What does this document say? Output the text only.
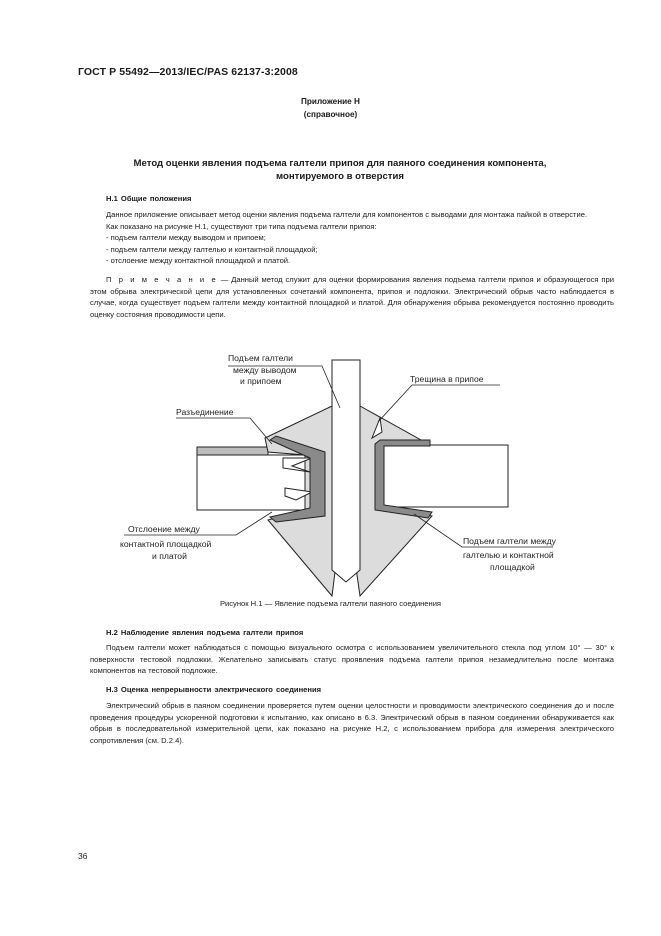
ГОСТ Р 55492—2013/IEC/PAS 62137-3:2008
Приложение Н
(справочное)
Метод оценки явления подъема галтели припоя для паяного соединения компонента,
монтируемого в отверстия
Н.1 Общие положения

Данное приложение описывает метод оценки явления подъема галтели для компонентов с выводами для монтажа пайкой в отверстие.

Как показано на рисунке Н.1, существуют три типа подъема галтели припоя:

- подъем галтели между выводом и припоем;

- подъем галтели между галтелью и контактной площадкой;

- отслоение между контактной площадкой и платой.

П р и м е ч а н и е — Данный метод служит для оценки формирования явления подъема галтели припоя и образующегося при этом обрыва электрической цепи для установленных сочетаний компонента, припоя и подложки. Электрический обрыв часто наблюдается в случае, когда существует подъем галтели между контактной площадкой и платой. Для обнаружения обрыва рекомендуется постоянно проводить оценку состояния проводимости цепи.

Подъем галтели
между выводом
и припоем	Трещина в припое
Разъединение
Отслоение между
контактной площадкой
и платой
Подъем галтели между
галтелью и контактной
площадкой
Рисунок Н.1 — Явление подъема галтели паяного соединения
Н.2 Наблюдение явления подъема галтели припоя

Подъем галтели может наблюдаться с помощью визуального осмотра с использованием увеличительного стекла под углом 10° — 30° к поверхности тестовой подложки. Желательно записывать статус проявления подъема галтели припоя незамедлительно после монтажа компонентов на тестовой подложке.

Н.3 Оценка непрерывности электрического соединения

Электрический обрыв в паяном соединении проверяется путем оценки целостности и проводимости электрического соединения до и после проведения процедуры ускоренной подготовки к испытанию, как описано в 6.3. Электрический обрыв в паяном соединении обнаруживается как обрыв в последовательной измерительной цепи, как показано на рисунке Н.2, с использованием прибора для измерения электрического сопротивления (см. D.2.4).

36
